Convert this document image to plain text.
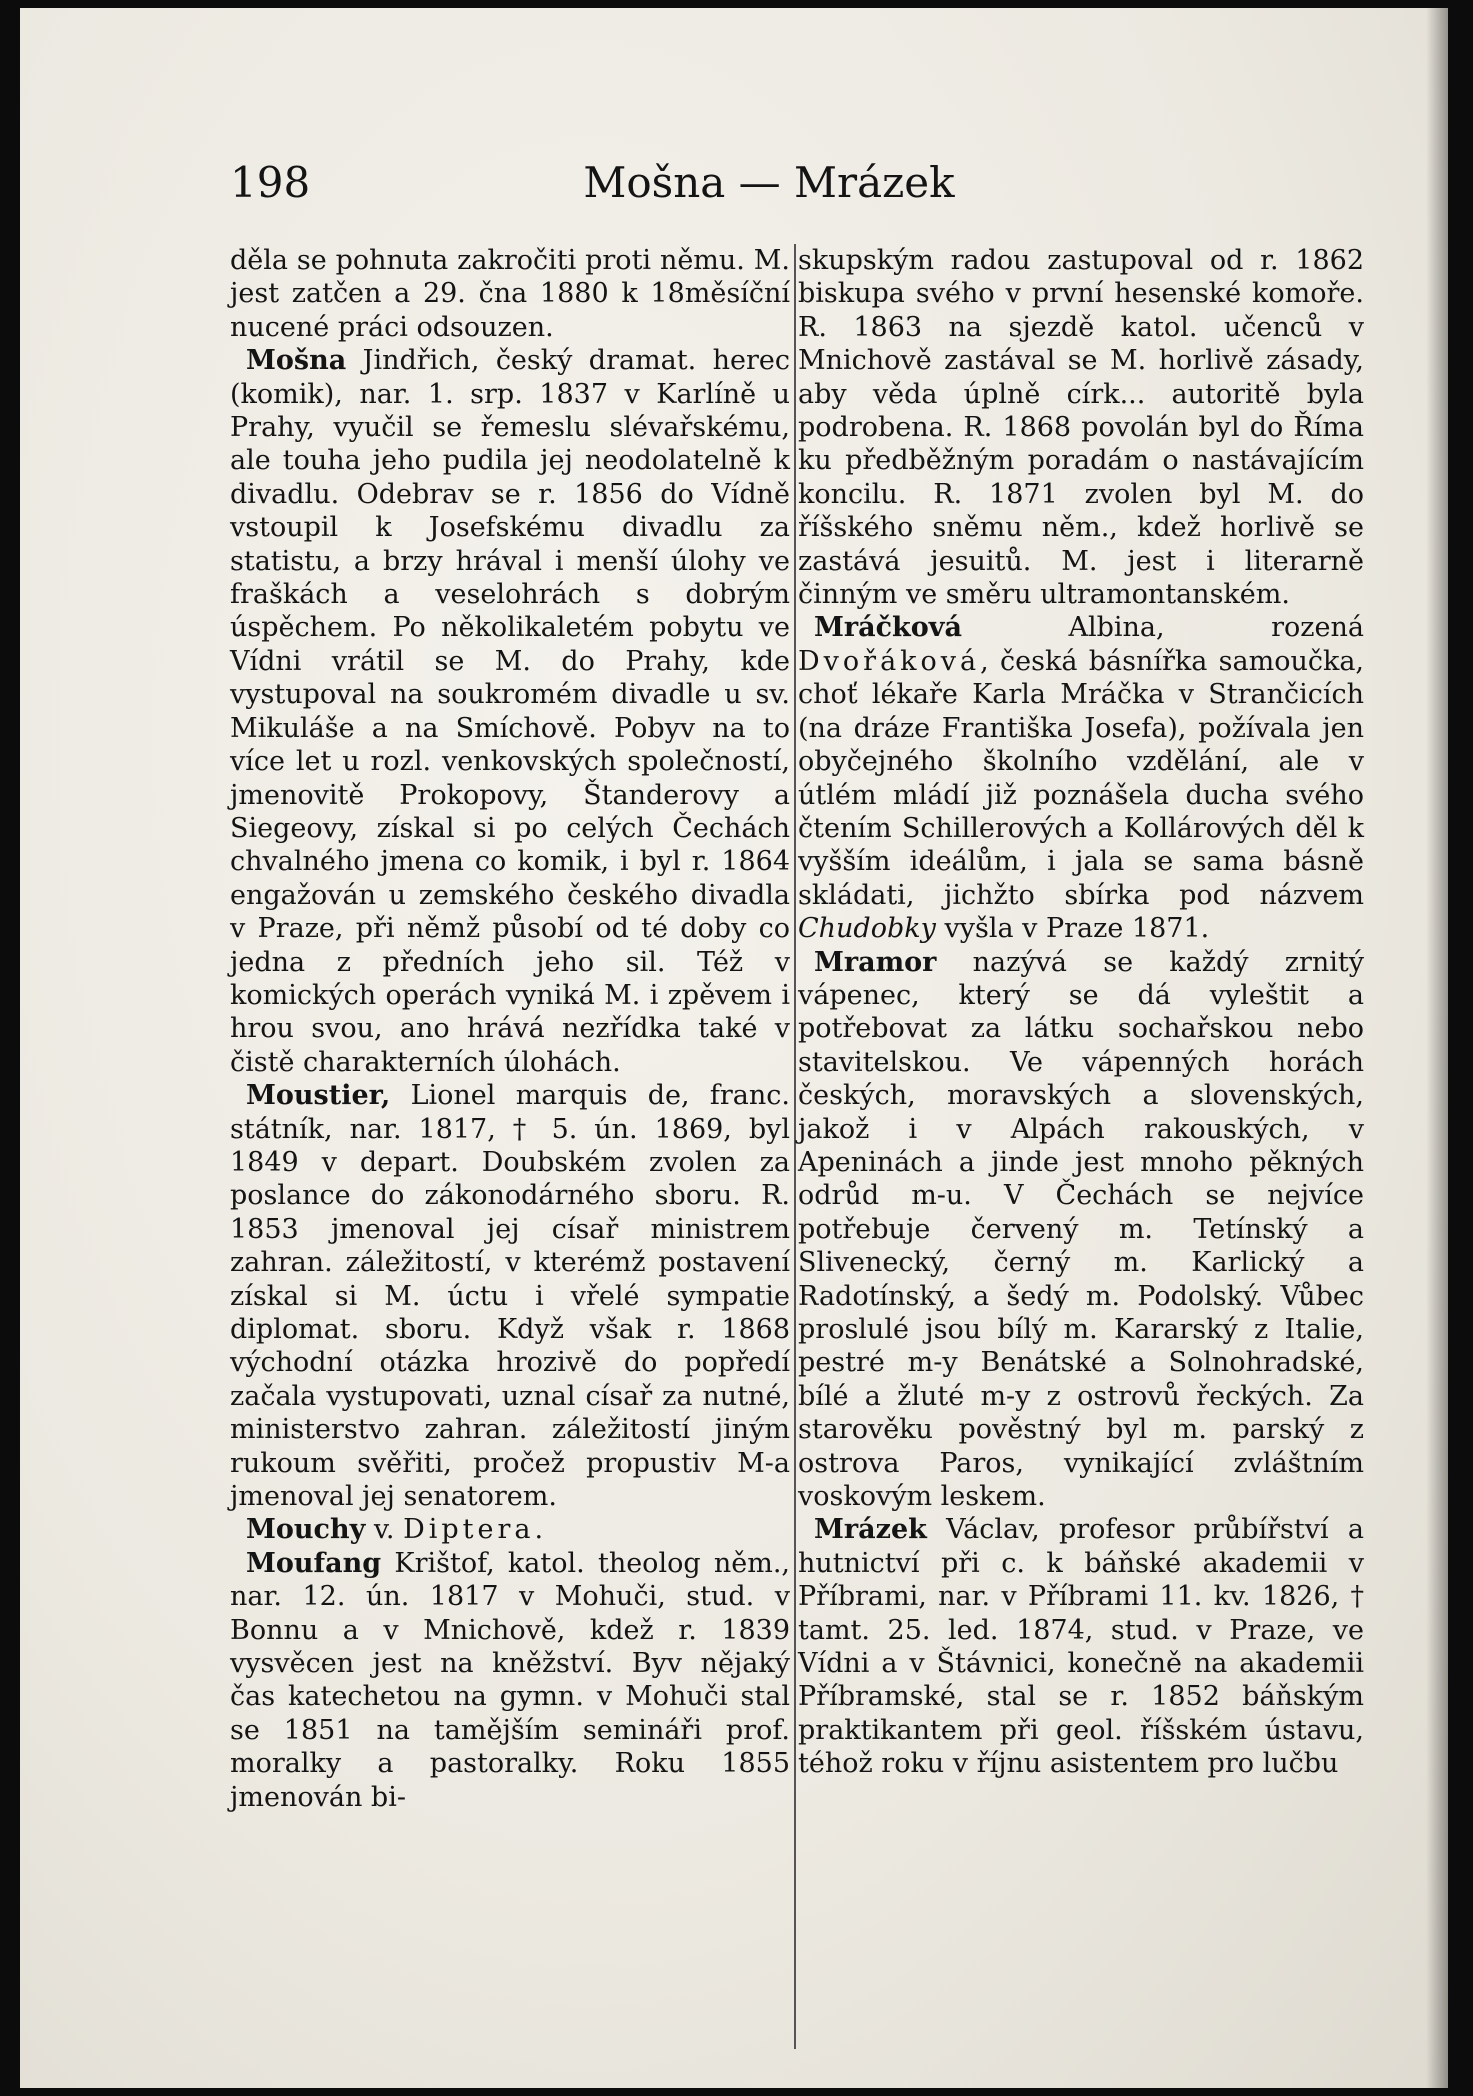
198	Mošna — Mrázek

děla se pohnuta zakročiti proti němu. M. jest zatčen a 29. čna 1880 k 18měsíční nucené práci odsouzen.

Mošna Jindřich, český dramat. herec (komik), nar. 1. srp. 1837 v Karlíně u Prahy, vyučil se řemeslu slévařskému, ale touha jeho pudila jej neodolatelně k divadlu. Odebrav se r. 1856 do Vídně vstoupil k Josefskému divadlu za statistu, a brzy hrával i menší úlohy ve fraškách a veselohrách s dobrým úspěchem. Po několikaletém pobytu ve Vídni vrátil se M. do Prahy, kde vystupoval na soukromém divadle u sv. Mikuláše a na Smíchově. Pobyv na to více let u rozl. venkovských společností, jmenovitě Prokopovy, Štanderovy a Siegeovy, získal si po celých Čechách chvalného jmena co komik, i byl r. 1864 engažován u zemského českého divadla v Praze, při němž působí od té doby co jedna z předních jeho sil. Též v komických operách vyniká M. i zpěvem i hrou svou, ano hrává nezřídka také v čistě charakterních úlohách.

Moustier, Lionel marquis de, franc. státník, nar. 1817, † 5. ún. 1869, byl 1849 v depart. Doubském zvolen za poslance do zákonodárného sboru. R. 1853 jmenoval jej císař ministrem zahran. záležitostí, v kterémž postavení získal si M. úctu i vřelé sympatie diplomat. sboru. Když však r. 1868 východní otázka hrozivě do popředí začala vystupovati, uznal císař za nutné, ministerstvo zahran. záležitostí jiným rukoum svěřiti, pročež propustiv M-a jmenoval jej senatorem.

Mouchy v. Diptera.

Moufang Krištof, katol. theolog něm., nar. 12. ún. 1817 v Mohuči, stud. v Bonnu a v Mnichově, kdež r. 1839 vysvěcen jest na kněžství. Byv nějaký čas katechetou na gymn. v Mohuči stal se 1851 na tamějším semináři prof. moralky a pastoralky. Roku 1855 jmenován bi-

skupským radou zastupoval od r. 1862 biskupa svého v první hesenské komoře. R. 1863 na sjezdě katol. učenců v Mnichově zastával se M. horlivě zásady, aby věda úplně círk... autoritě byla podrobena. R. 1868 povolán byl do Říma ku předběžným poradám o nastávajícím koncilu. R. 1871 zvolen byl M. do říšského sněmu něm., kdež horlivě se zastává jesuitů. M. jest i literarně činným ve směru ultramontanském.

Mráčková Albina, rozená Dvořáková, česká básnířka samoučka, choť lékaře Karla Mráčka v Strančicích (na dráze Františka Josefa), požívala jen obyčejného školního vzdělání, ale v útlém mládí již poznášela ducha svého čtením Schillerových a Kollárových děl k vyšším ideálům, i jala se sama básně skládati, jichžto sbírka pod názvem Chudobky vyšla v Praze 1871.

Mramor nazývá se každý zrnitý vápenec, který se dá vyleštit a potřebovat za látku sochařskou nebo stavitelskou. Ve vápenných horách českých, moravských a slovenských, jakož i v Alpách rakouských, v Apeninách a jinde jest mnoho pěkných odrůd m-u. V Čechách se nejvíce potřebuje červený m. Tetínský a Slivenecký, černý m. Karlický a Radotínský, a šedý m. Podolský. Vůbec proslulé jsou bílý m. Kararský z Italie, pestré m-y Benátské a Solnohradské, bílé a žluté m-y z ostrovů řeckých. Za starověku pověstný byl m. parský z ostrova Paros, vynikající zvláštním voskovým leskem.

Mrázek Václav, profesor průbířství a hutnictví při c. k báňské akademii v Příbrami, nar. v Příbrami 11. kv. 1826, † tamt. 25. led. 1874, stud. v Praze, ve Vídni a v Štávnici, konečně na akademii Příbramské, stal se r. 1852 báňským praktikantem při geol. říšském ústavu, téhož roku v říjnu asistentem pro lučbu
